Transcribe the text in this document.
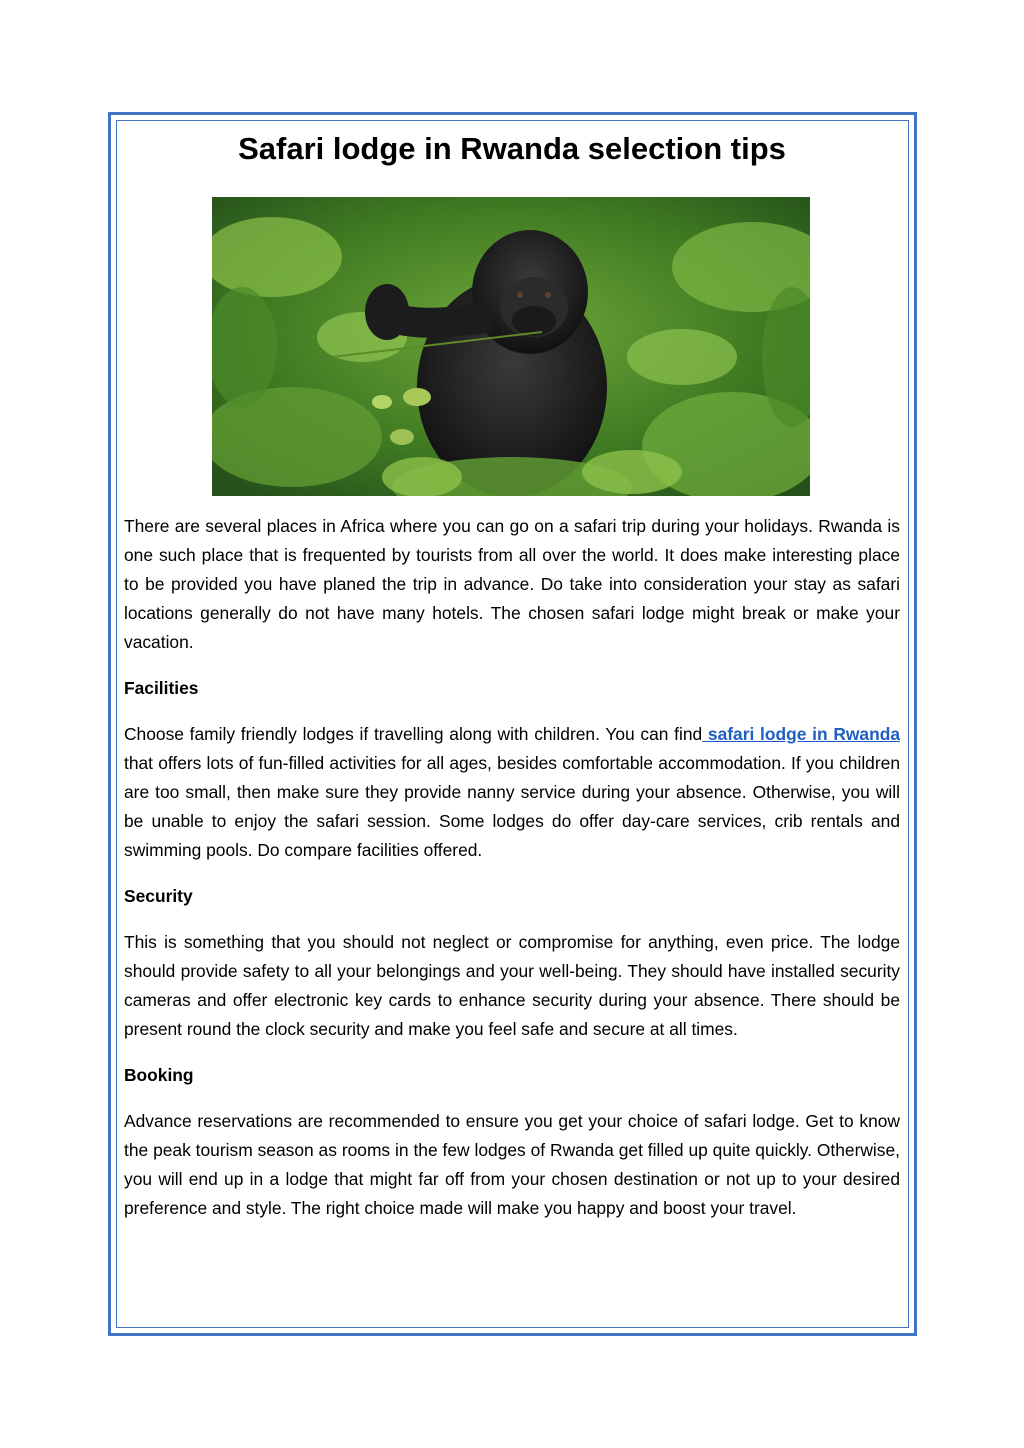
Safari lodge in Rwanda selection tips

There are several places in Africa where you can go on a safari trip during your holidays. Rwanda is one such place that is frequented by tourists from all over the world. It does make interesting place to be provided you have planed the trip in advance. Do take into consideration your stay as safari locations generally do not have many hotels. The chosen safari lodge might break or make your vacation.

Facilities

Choose family friendly lodges if travelling along with children. You can find safari lodge in Rwanda that offers lots of fun-filled activities for all ages, besides comfortable accommodation. If you children are too small, then make sure they provide nanny service during your absence. Otherwise, you will be unable to enjoy the safari session. Some lodges do offer day-care services, crib rentals and swimming pools. Do compare facilities offered.

Security

This is something that you should not neglect or compromise for anything, even price. The lodge should provide safety to all your belongings and your well-being. They should have installed security cameras and offer electronic key cards to enhance security during your absence. There should be present round the clock security and make you feel safe and secure at all times.

Booking

Advance reservations are recommended to ensure you get your choice of safari lodge. Get to know the peak tourism season as rooms in the few lodges of Rwanda get filled up quite quickly. Otherwise, you will end up in a lodge that might far off from your chosen destination or not up to your desired preference and style. The right choice made will make you happy and boost your travel.
